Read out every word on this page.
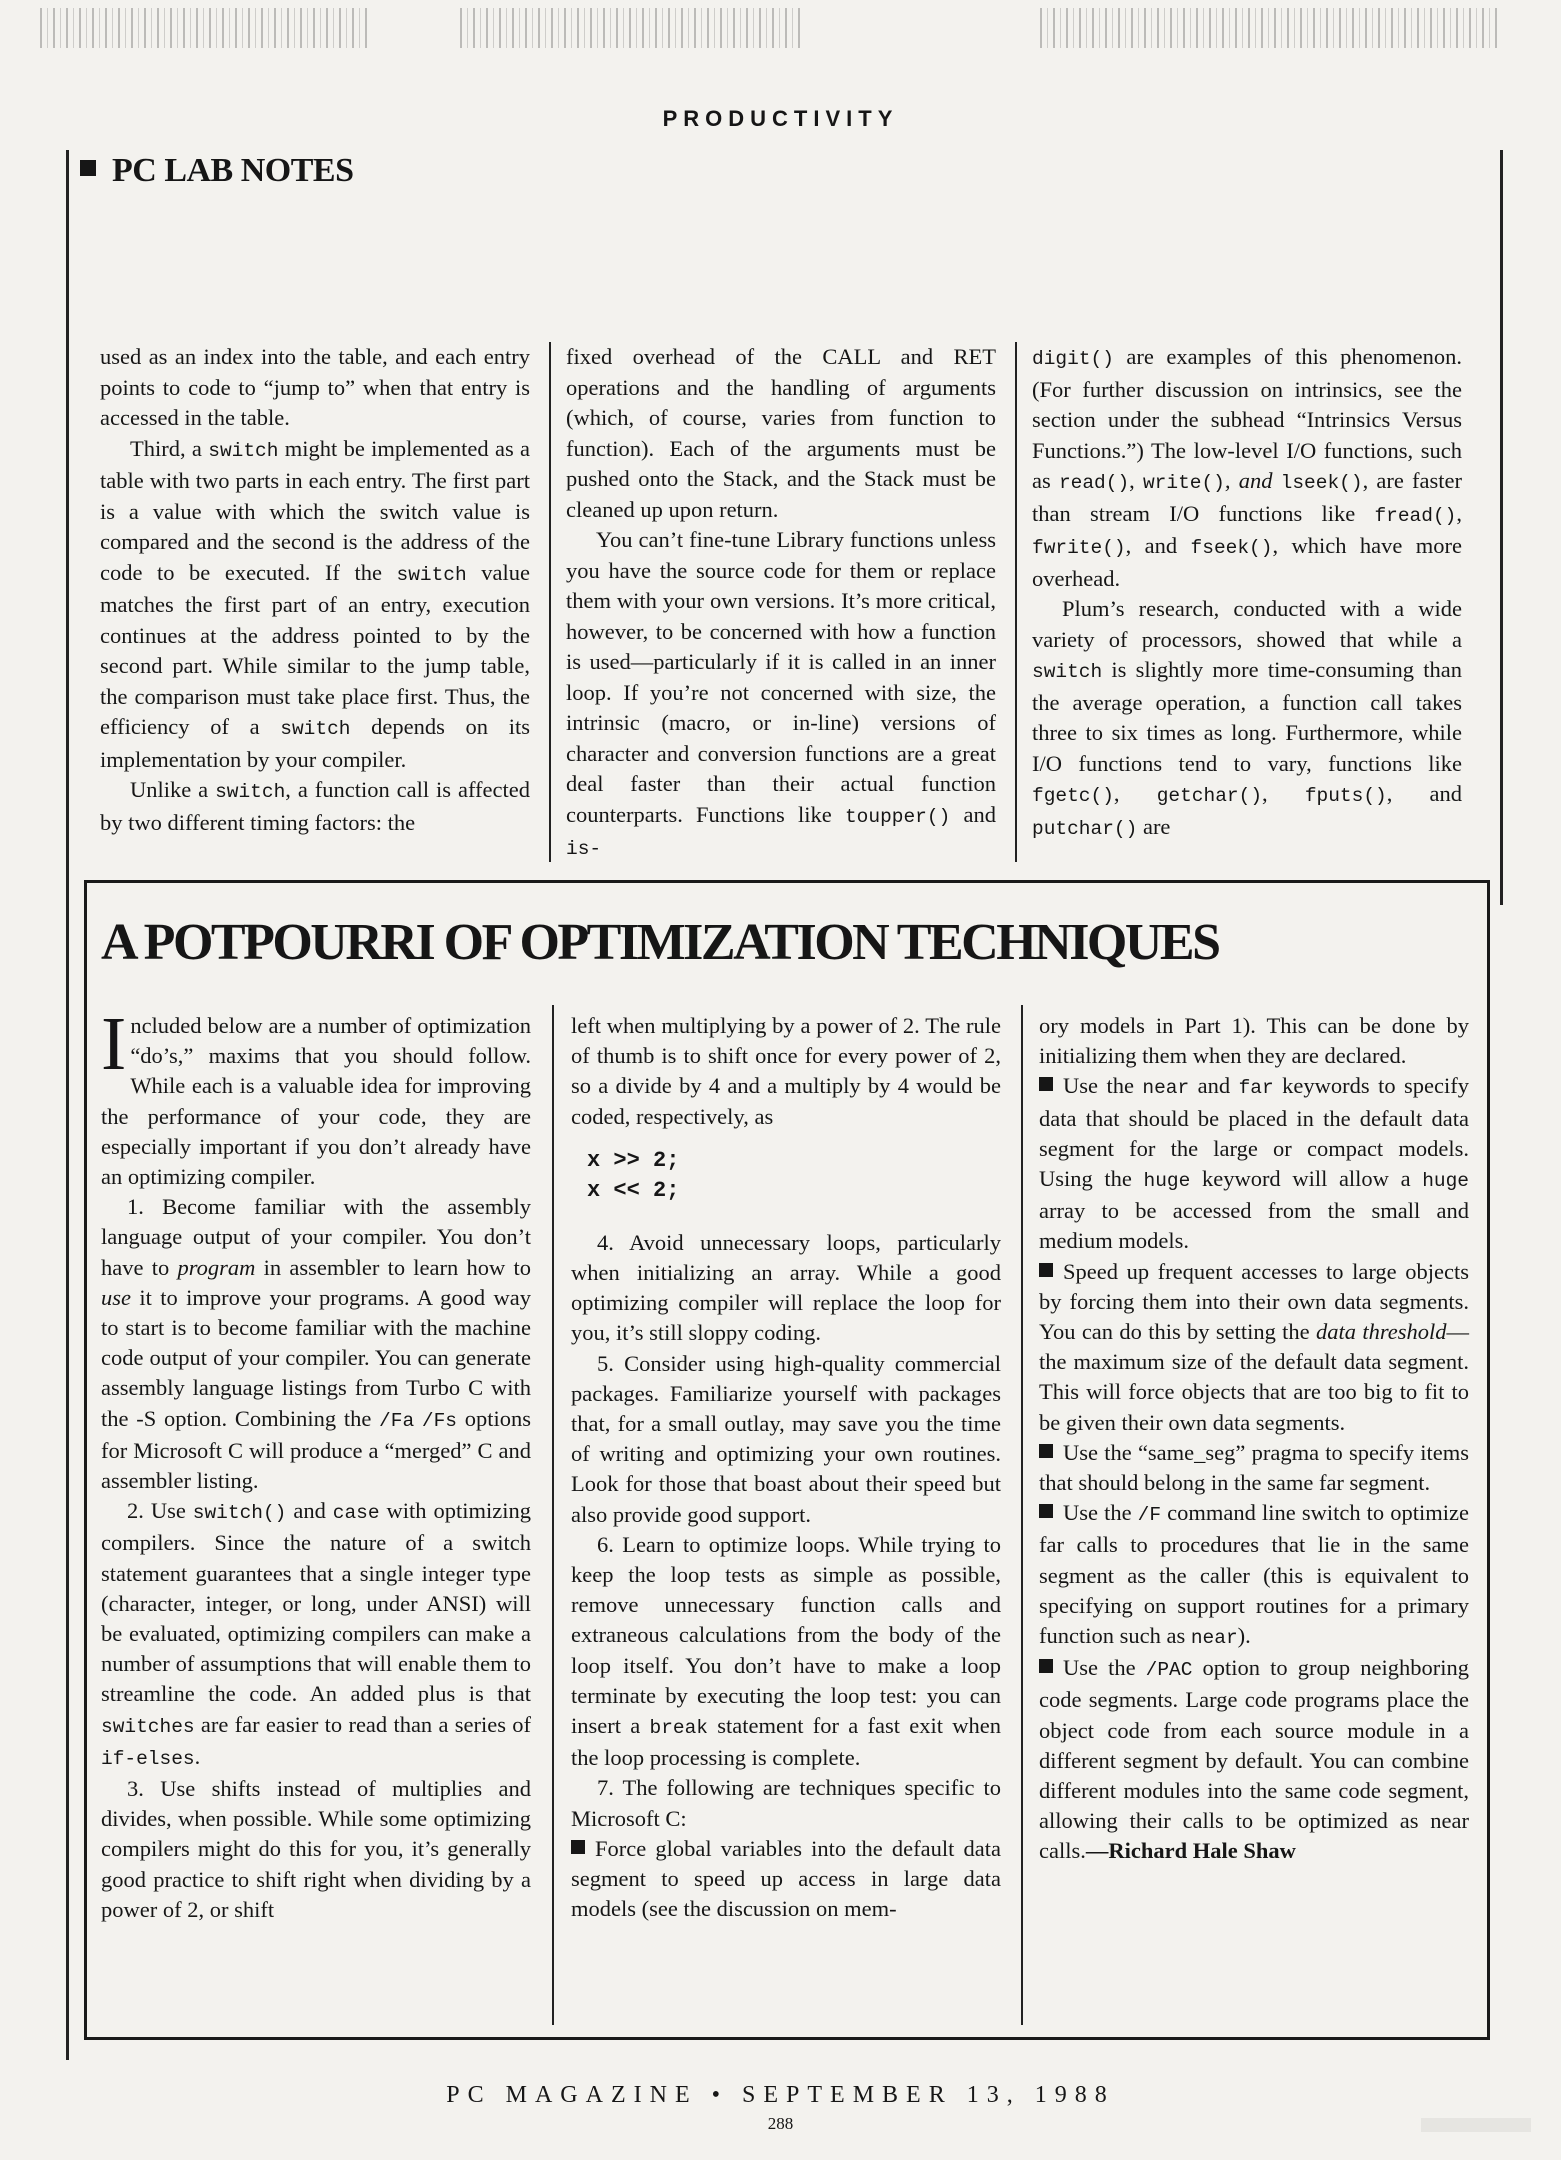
PRODUCTIVITY
PC LAB NOTES

used as an index into the table, and each entry points to code to “jump to” when that entry is accessed in the table.

Third, a switch might be implemented as a table with two parts in each entry. The first part is a value with which the switch value is compared and the second is the address of the code to be executed. If the switch value matches the first part of an entry, execution continues at the address pointed to by the second part. While similar to the jump table, the comparison must take place first. Thus, the efficiency of a switch depends on its implementation by your compiler.

Unlike a switch, a function call is affected by two different timing factors: the

fixed overhead of the CALL and RET operations and the handling of arguments (which, of course, varies from function to function). Each of the arguments must be pushed onto the Stack, and the Stack must be cleaned up upon return.

You can’t fine-tune Library functions unless you have the source code for them or replace them with your own versions. It’s more critical, however, to be concerned with how a function is used—particularly if it is called in an inner loop. If you’re not concerned with size, the intrinsic (macro, or in-line) versions of character and conversion functions are a great deal faster than their actual function counterparts. Functions like toupper() and is-

digit() are examples of this phenomenon. (For further discussion on intrinsics, see the section under the subhead “Intrinsics Versus Functions.”) The low-level I/O functions, such as read(), write(), and lseek(), are faster than stream I/O functions like fread(), fwrite(), and fseek(), which have more overhead.

Plum’s research, conducted with a wide variety of processors, showed that while a switch is slightly more time-consuming than the average operation, a function call takes three to six times as long. Furthermore, while I/O functions tend to vary, functions like fgetc(), getchar(), fputs(), and putchar() are

A POTPOURRI OF OPTIMIZATION TECHNIQUES

Included below are a number of optimization “do’s,” maxims that you should follow. While each is a valuable idea for improving the performance of your code, they are especially important if you don’t already have an optimizing compiler.

1. Become familiar with the assembly language output of your compiler. You don’t have to program in assembler to learn how to use it to improve your programs. A good way to start is to become familiar with the machine code output of your compiler. You can generate assembly language listings from Turbo C with the -S option. Combining the /Fa /Fs options for Microsoft C will produce a “merged” C and assembler listing.

2. Use switch() and case with optimizing compilers. Since the nature of a switch statement guarantees that a single integer type (character, integer, or long, under ANSI) will be evaluated, optimizing compilers can make a number of assumptions that will enable them to streamline the code. An added plus is that switches are far easier to read than a series of if-elses.

3. Use shifts instead of multiplies and divides, when possible. While some optimizing compilers might do this for you, it’s generally good practice to shift right when dividing by a power of 2, or shift

left when multiplying by a power of 2. The rule of thumb is to shift once for every power of 2, so a divide by 4 and a multiply by 4 would be coded, respectively, as

x >> 2;
x << 2;

4. Avoid unnecessary loops, particularly when initializing an array. While a good optimizing compiler will replace the loop for you, it’s still sloppy coding.

5. Consider using high-quality commercial packages. Familiarize yourself with packages that, for a small outlay, may save you the time of writing and optimizing your own routines. Look for those that boast about their speed but also provide good support.

6. Learn to optimize loops. While trying to keep the loop tests as simple as possible, remove unnecessary function calls and extraneous calculations from the body of the loop itself. You don’t have to make a loop terminate by executing the loop test: you can insert a break statement for a fast exit when the loop processing is complete.

7. The following are techniques specific to Microsoft C:

Force global variables into the default data segment to speed up access in large data models (see the discussion on mem-

ory models in Part 1). This can be done by initializing them when they are declared.

Use the near and far keywords to specify data that should be placed in the default data segment for the large or compact models. Using the huge keyword will allow a huge array to be accessed from the small and medium models.

Speed up frequent accesses to large objects by forcing them into their own data segments. You can do this by setting the data threshold—the maximum size of the default data segment. This will force objects that are too big to fit to be given their own data segments.

Use the “same_seg” pragma to specify items that should belong in the same far segment.

Use the /F command line switch to optimize far calls to procedures that lie in the same segment as the caller (this is equivalent to specifying on support routines for a primary function such as near).

Use the /PAC option to group neighboring code segments. Large code programs place the object code from each source module in a different segment by default. You can combine different modules into the same code segment, allowing their calls to be optimized as near calls.—Richard Hale Shaw

PC MAGAZINE • SEPTEMBER 13, 1988
288
